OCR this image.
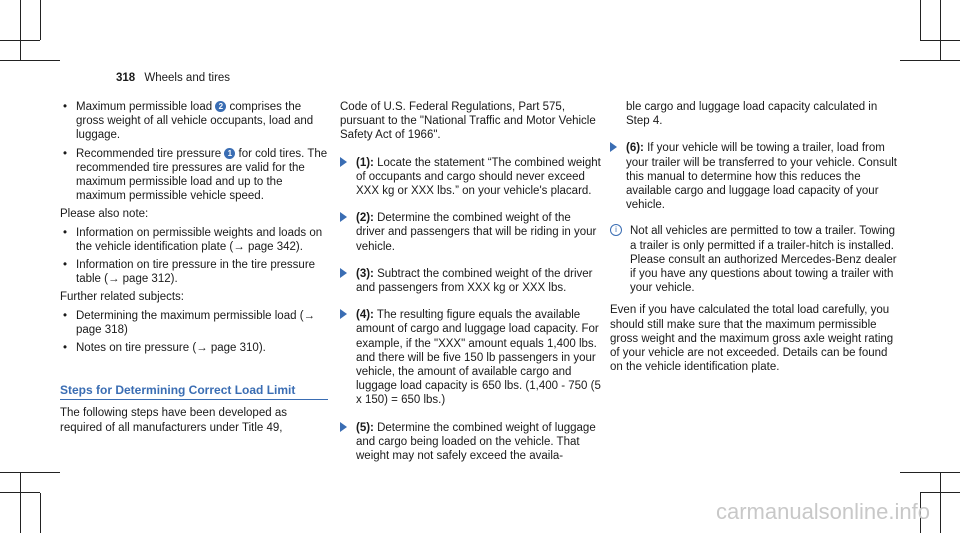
318 Wheels and tires
• Maximum permissible load 2 comprises the gross weight of all vehicle occupants, load and luggage.
• Recommended tire pressure 1 for cold tires. The recommended tire pressures are valid for the maximum permissible load and up to the maximum permissible vehicle speed.

Please also note:

• Information on permissible weights and loads on the vehicle identification plate (→ page 342).
• Information on tire pressure in the tire pressure table (→ page 312).

Further related subjects:

• Determining the maximum permissible load (→ page 318)
• Notes on tire pressure (→ page 310).
Steps for Determining Correct Load Limit

The following steps have been developed as required of all manufacturers under Title 49,

Code of U.S. Federal Regulations, Part 575, pursuant to the "National Traffic and Motor Vehicle Safety Act of 1966".

(1): Locate the statement “The combined weight of occupants and cargo should never exceed XXX kg or XXX lbs.” on your vehicle's placard.
(2): Determine the combined weight of the driver and passengers that will be riding in your vehicle.
(3): Subtract the combined weight of the driver and passengers from XXX kg or XXX lbs.
(4): The resulting figure equals the available amount of cargo and luggage load capacity. For example, if the "XXX" amount equals 1,400 lbs. and there will be five 150 lb passengers in your vehicle, the amount of available cargo and luggage load capacity is 650 lbs. (1,400 - 750 (5 x 150) = 650 lbs.)
(5): Determine the combined weight of luggage and cargo being loaded on the vehicle. That weight may not safely exceed the availa-

ble cargo and luggage load capacity calculated in Step 4.

(6): If your vehicle will be towing a trailer, load from your trailer will be transferred to your vehicle. Consult this manual to determine how this reduces the available cargo and luggage load capacity of your vehicle.
i	Not all vehicles are permitted to tow a trailer. Towing a trailer is only permitted if a trailer-hitch is installed. Please consult an authorized Mercedes-Benz dealer if you have any questions about towing a trailer with your vehicle.

Even if you have calculated the total load carefully, you should still make sure that the maximum permissible gross weight and the maximum gross axle weight rating of your vehicle are not exceeded. Details can be found on the vehicle identification plate.

carmanualsonline.info
